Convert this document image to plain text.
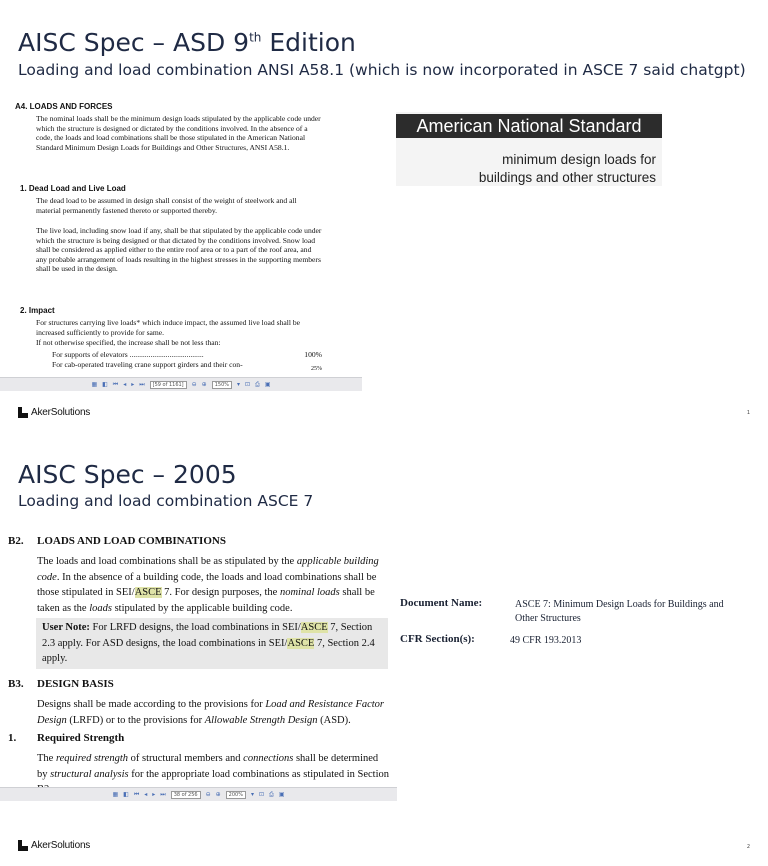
AISC Spec – ASD 9th Edition
Loading and load combination ANSI A58.1 (which is now incorporated in ASCE 7 said chatgpt)
A4. LOADS AND FORCES

The nominal loads shall be the minimum design loads stipulated by the applicable code under which the structure is designed or dictated by the conditions involved. In the absence of a code, the loads and load combinations shall be those stipulated in the American National Standard Minimum Design Loads for Buildings and Other Structures, ANSI A58.1.

1. Dead Load and Live Load

The dead load to be assumed in design shall consist of the weight of steelwork and all material permanently fastened thereto or supported thereby.

The live load, including snow load if any, shall be that stipulated by the applicable code under which the structure is being designed or that dictated by the conditions involved. Snow load shall be considered as applied either to the entire roof area or to a part of the roof area, and any probable arrangement of loads resulting in the highest stresses in the supporting members shall be used in the design.

2. Impact

For structures carrying live loads* which induce impact, the assumed live load shall be increased sufficiently to provide for same.

If not otherwise specified, the increase shall be not less than:

For supports of elevators .......................................	100%
For cab-operated traveling crane support girders and their con-	25%
▦ ◧ ⏮ ◂ ▸ ⏭	[59 of 1161]	⊖ ⊕	150%	▾ ⊡ ⎙ ▣
American National Standard
minimum design loads for
buildings and other structures
AkerSolutions	1
AISC Spec – 2005
Loading and load combination ASCE 7
B2. LOADS AND LOAD COMBINATIONS
The loads and load combinations shall be as stipulated by the applicable building code. In the absence of a building code, the loads and load combinations shall be those stipulated in SEI/ASCE 7. For design purposes, the nominal loads shall be taken as the loads stipulated by the applicable building code.
User Note: For LRFD designs, the load combinations in SEI/ASCE 7, Section 2.3 apply. For ASD designs, the load combinations in SEI/ASCE 7, Section 2.4 apply.
B3. DESIGN BASIS
Designs shall be made according to the provisions for Load and Resistance Factor Design (LRFD) or to the provisions for Allowable Strength Design (ASD).
1. Required Strength
The required strength of structural members and connections shall be determined by structural analysis for the appropriate load combinations as stipulated in Section
▦ ◧ ⏮ ◂ ▸ ⏭	38 of 256	⊖ ⊕	200%	▾ ⊡ ⎙ ▣
Document Name:	ASCE 7: Minimum Design Loads for Buildings and Other Structures
CFR Section(s):	49 CFR 193.2013
AkerSolutions	2
